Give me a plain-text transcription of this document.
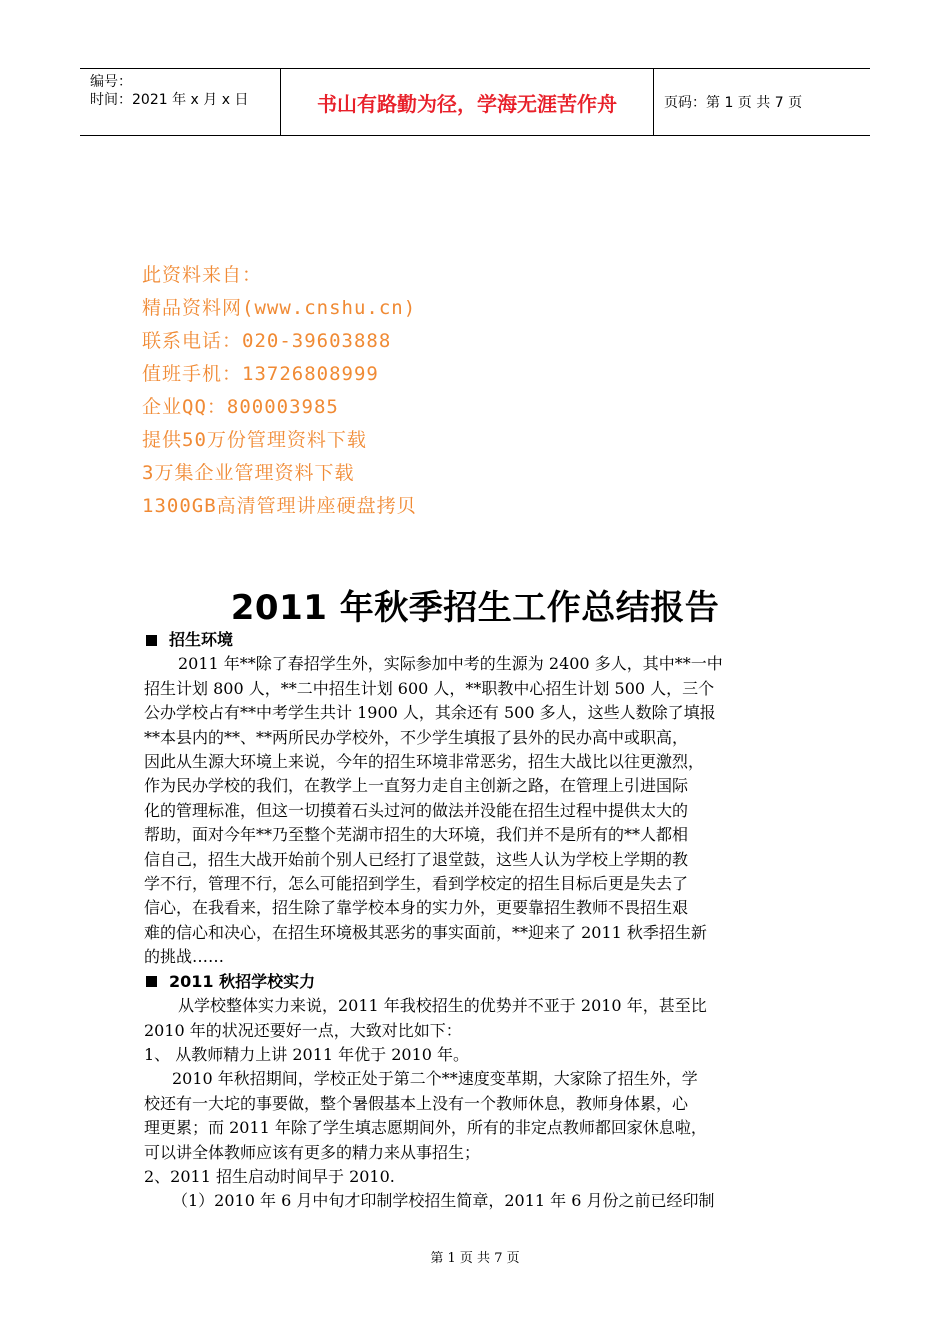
编号：
时间：2021 年 x 月 x 日	书山有路勤为径，学海无涯苦作舟	页码：第 1 页 共 7 页
此资料来自：
精品资料网(www.cnshu.cn)
联系电话：020-39603888
值班手机：13726808999
企业QQ：800003985
提供50万份管理资料下载
3万集企业管理资料下载
1300GB高清管理讲座硬盘拷贝
2011 年秋季招生工作总结报告
招生环境

2011 年**除了春招学生外，实际参加中考的生源为 2400 多人，其中**一中

招生计划 800 人，**二中招生计划 600 人，**职教中心招生计划 500 人，三个

公办学校占有**中考学生共计 1900 人，其余还有 500 多人，这些人数除了填报

**本县内的**、**两所民办学校外，不少学生填报了县外的民办高中或职高，

因此从生源大环境上来说，今年的招生环境非常恶劣，招生大战比以往更激烈，

作为民办学校的我们，在教学上一直努力走自主创新之路，在管理上引进国际

化的管理标准，但这一切摸着石头过河的做法并没能在招生过程中提供太大的

帮助，面对今年**乃至整个芜湖市招生的大环境，我们并不是所有的**人都相

信自己，招生大战开始前个别人已经打了退堂鼓，这些人认为学校上学期的教

学不行，管理不行，怎么可能招到学生，看到学校定的招生目标后更是失去了

信心，在我看来，招生除了靠学校本身的实力外，更要靠招生教师不畏招生艰

难的信心和决心，在招生环境极其恶劣的事实面前，**迎来了 2011 秋季招生新

的挑战……

2011 秋招学校实力

从学校整体实力来说，2011 年我校招生的优势并不亚于 2010 年，甚至比

2010 年的状况还要好一点，大致对比如下：

1、 从教师精力上讲 2011 年优于 2010 年。

2010 年秋招期间，学校正处于第二个**速度变革期，大家除了招生外，学

校还有一大坨的事要做，整个暑假基本上没有一个教师休息，教师身体累，心

理更累；而 2011 年除了学生填志愿期间外，所有的非定点教师都回家休息啦，

可以讲全体教师应该有更多的精力来从事招生；

2、2011 招生启动时间早于 2010.

（1）2010 年 6 月中旬才印制学校招生简章，2011 年 6 月份之前已经印制

第 1 页 共 7 页
